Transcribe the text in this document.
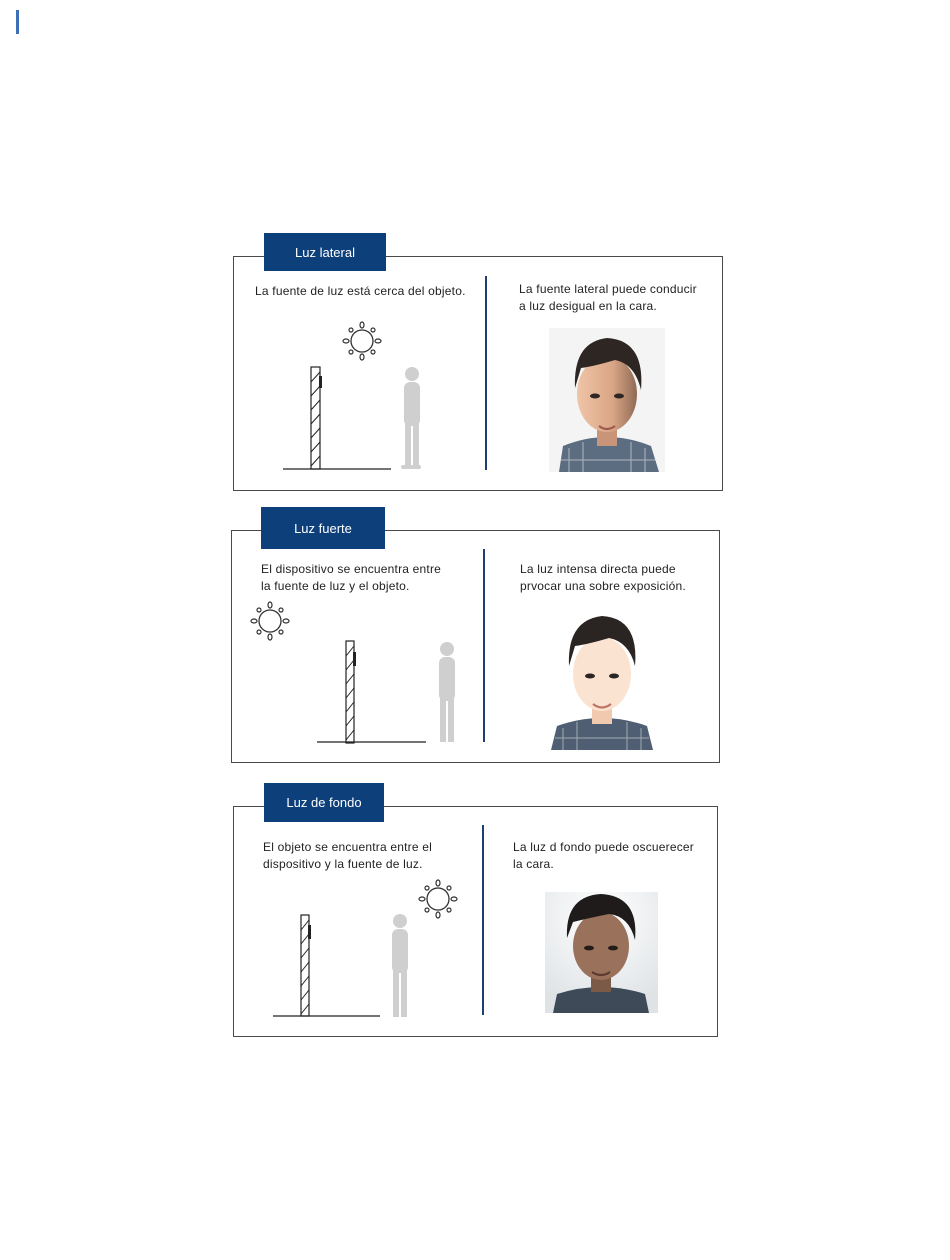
Luz lateral
La fuente de luz está cerca del objeto.	La fuente lateral puede conducir
a luz desigual en la cara.
Luz fuerte
El dispositivo se encuentra entre
la fuente de luz y el objeto.
La luz intensa directa puede
prvocar una sobre exposición.
Luz de fondo
El objeto se encuentra entre el
dispositivo y la fuente de luz.
La luz d fondo puede oscuerecer
la cara.
